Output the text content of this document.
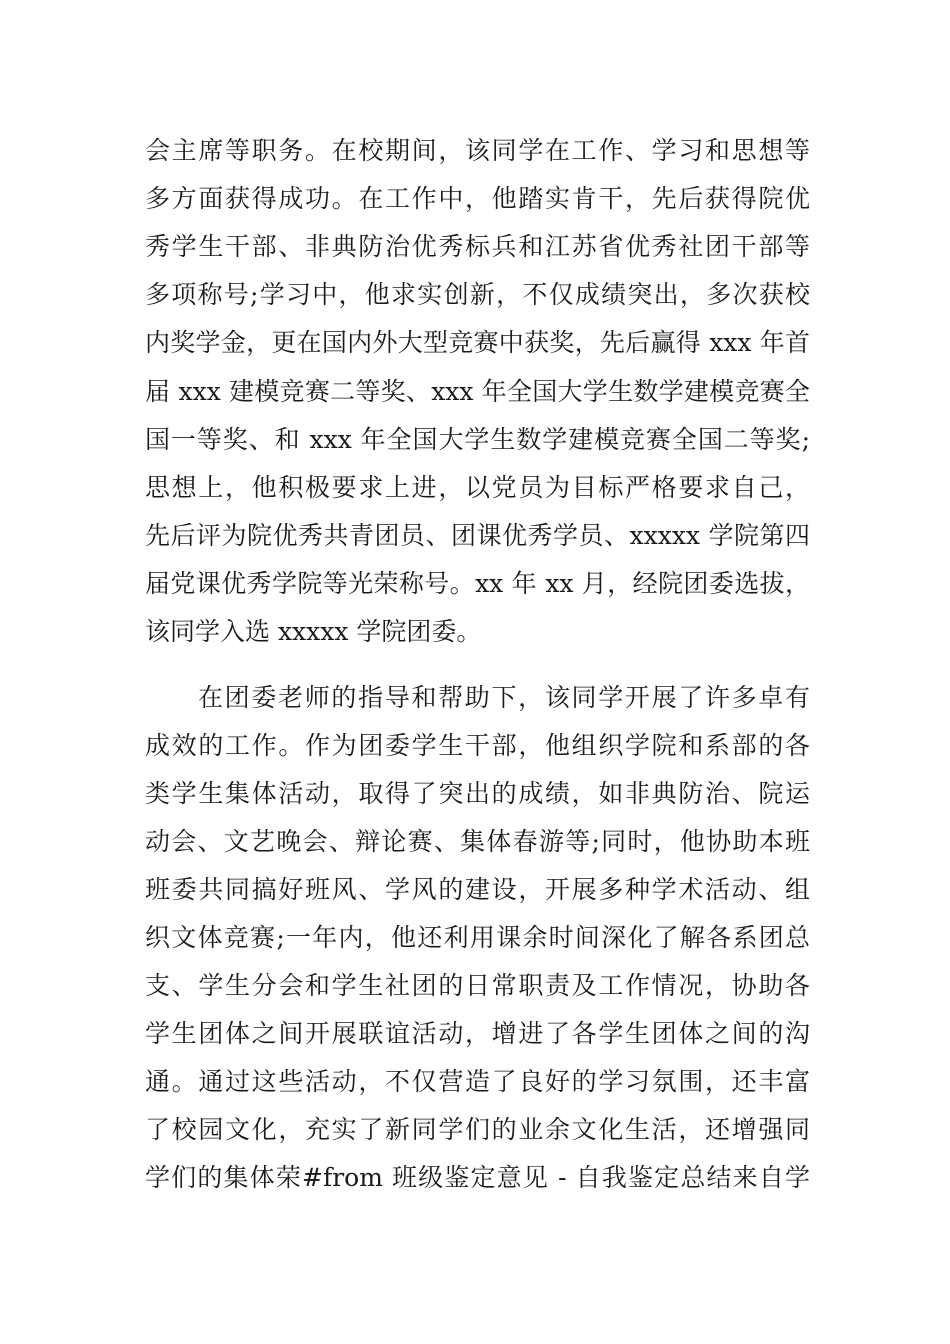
会主席等职务。在校期间，该同学在工作、学习和思想等
多方面获得成功。在工作中，他踏实肯干，先后获得院优
秀学生干部、非典防治优秀标兵和江苏省优秀社团干部等
多项称号;学习中，他求实创新，不仅成绩突出，多次获校
内奖学金，更在国内外大型竞赛中获奖，先后赢得 xxx 年首
届 xxx 建模竞赛二等奖、xxx 年全国大学生数学建模竞赛全
国一等奖、和 xxx 年全国大学生数学建模竞赛全国二等奖;
思想上，他积极要求上进，以党员为目标严格要求自己，
先后评为院优秀共青团员、团课优秀学员、xxxxx 学院第四
届党课优秀学院等光荣称号。xx 年 xx 月，经院团委选拔，
该同学入选 xxxxx 学院团委。
在团委老师的指导和帮助下，该同学开展了许多卓有
成效的工作。作为团委学生干部，他组织学院和系部的各
类学生集体活动，取得了突出的成绩，如非典防治、院运
动会、文艺晚会、辩论赛、集体春游等;同时，他协助本班
班委共同搞好班风、学风的建设，开展多种学术活动、组
织文体竞赛;一年内，他还利用课余时间深化了解各系团总
支、学生分会和学生社团的日常职责及工作情况，协助各
学生团体之间开展联谊活动，增进了各学生团体之间的沟
通。通过这些活动，不仅营造了良好的学习氛围，还丰富
了校园文化，充实了新同学们的业余文化生活，还增强同
学们的集体荣#from 班级鉴定意见 - 自我鉴定总结来自学
